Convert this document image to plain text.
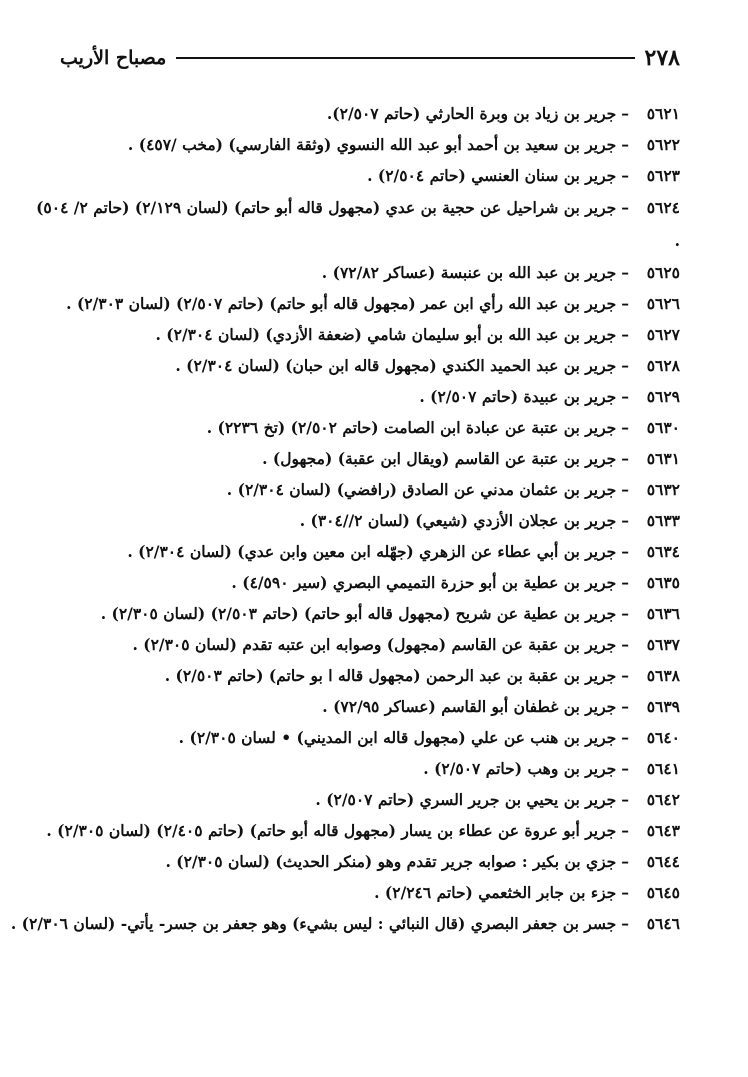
٢٧٨
مصباح الأريب
٥٦٢١–جرير بن زياد بن وبرة الحارثي (حاتم ٢/٥٠٧).
٥٦٢٢–جرير بن سعيد بن أحمد أبو عبد الله النسوي (وثقة الفارسي) (مخب /٤٥٧) .
٥٦٢٣–جرير بن سنان العنسي (حاتم ٢/٥٠٤) .
٥٦٢٤–جرير بن شراحيل عن حجية بن عدي (مجهول قاله أبو حاتم) (لسان ٢/١٢٩) (حاتم ٢/ ٥٠٤) .
٥٦٢٥–جرير بن عبد الله بن عنبسة (عساكر ٧٢/٨٢) .
٥٦٢٦–جرير بن عبد الله رأي ابن عمر (مجهول قاله أبو حاتم) (حاتم ٢/٥٠٧) (لسان ٢/٣٠٣) .
٥٦٢٧–جرير بن عبد الله بن أبو سليمان شامي (ضعفة الأزدي) (لسان ٢/٣٠٤) .
٥٦٢٨–جرير بن عبد الحميد الكندي (مجهول قاله ابن حبان) (لسان ٢/٣٠٤) .
٥٦٢٩–جرير بن عبيدة (حاتم ٢/٥٠٧) .
٥٦٣٠–جرير بن عتبة عن عبادة ابن الصامت (حاتم ٢/٥٠٢) (تخ ٢٢٣٦) .
٥٦٣١–جرير بن عتبة عن القاسم (ويقال ابن عقبة) (مجهول) .
٥٦٣٢–جرير بن عثمان مدني عن الصادق (رافضي) (لسان ٢/٣٠٤) .
٥٦٣٣–جرير بن عجلان الأزدي (شيعي) (لسان ٢//٣٠٤) .
٥٦٣٤–جرير بن أبي عطاء عن الزهري (جهّله ابن معين وابن عدي) (لسان ٢/٣٠٤) .
٥٦٣٥–جرير بن عطية بن أبو حزرة التميمي البصري (سير ٤/٥٩٠) .
٥٦٣٦–جرير بن عطية عن شريح (مجهول قاله أبو حاتم) (حاتم ٢/٥٠٣) (لسان ٢/٣٠٥) .
٥٦٣٧–جرير بن عقبة عن القاسم (مجهول) وصوابه ابن عتبه تقدم (لسان ٢/٣٠٥) .
٥٦٣٨–جرير بن عقبة بن عبد الرحمن (مجهول قاله ا بو حاتم) (حاتم ٢/٥٠٣) .
٥٦٣٩–جرير بن غطفان أبو القاسم (عساكر ٧٢/٩٥) .
٥٦٤٠–جرير بن هنب عن علي (مجهول قاله ابن المديني) • لسان ٢/٣٠٥) .
٥٦٤١–جرير بن وهب (حاتم ٢/٥٠٧) .
٥٦٤٢–جرير بن يحيي بن جرير السري (حاتم ٢/٥٠٧) .
٥٦٤٣–جرير أبو عروة عن عطاء بن يسار (مجهول قاله أبو حاتم) (حاتم ٢/٤٠٥) (لسان ٢/٣٠٥) .
٥٦٤٤–جزي بن بكير : صوابه جرير تقدم وهو (منكر الحديث) (لسان ٢/٣٠٥) .
٥٦٤٥–جزء بن جابر الخثعمي (حاتم ٢/٢٤٦) .
٥٦٤٦–جسر بن جعفر البصري (قال النبائي : ليس بشيء) وهو جعفر بن جسر- يأتي- (لسان ٢/٣٠٦) .
